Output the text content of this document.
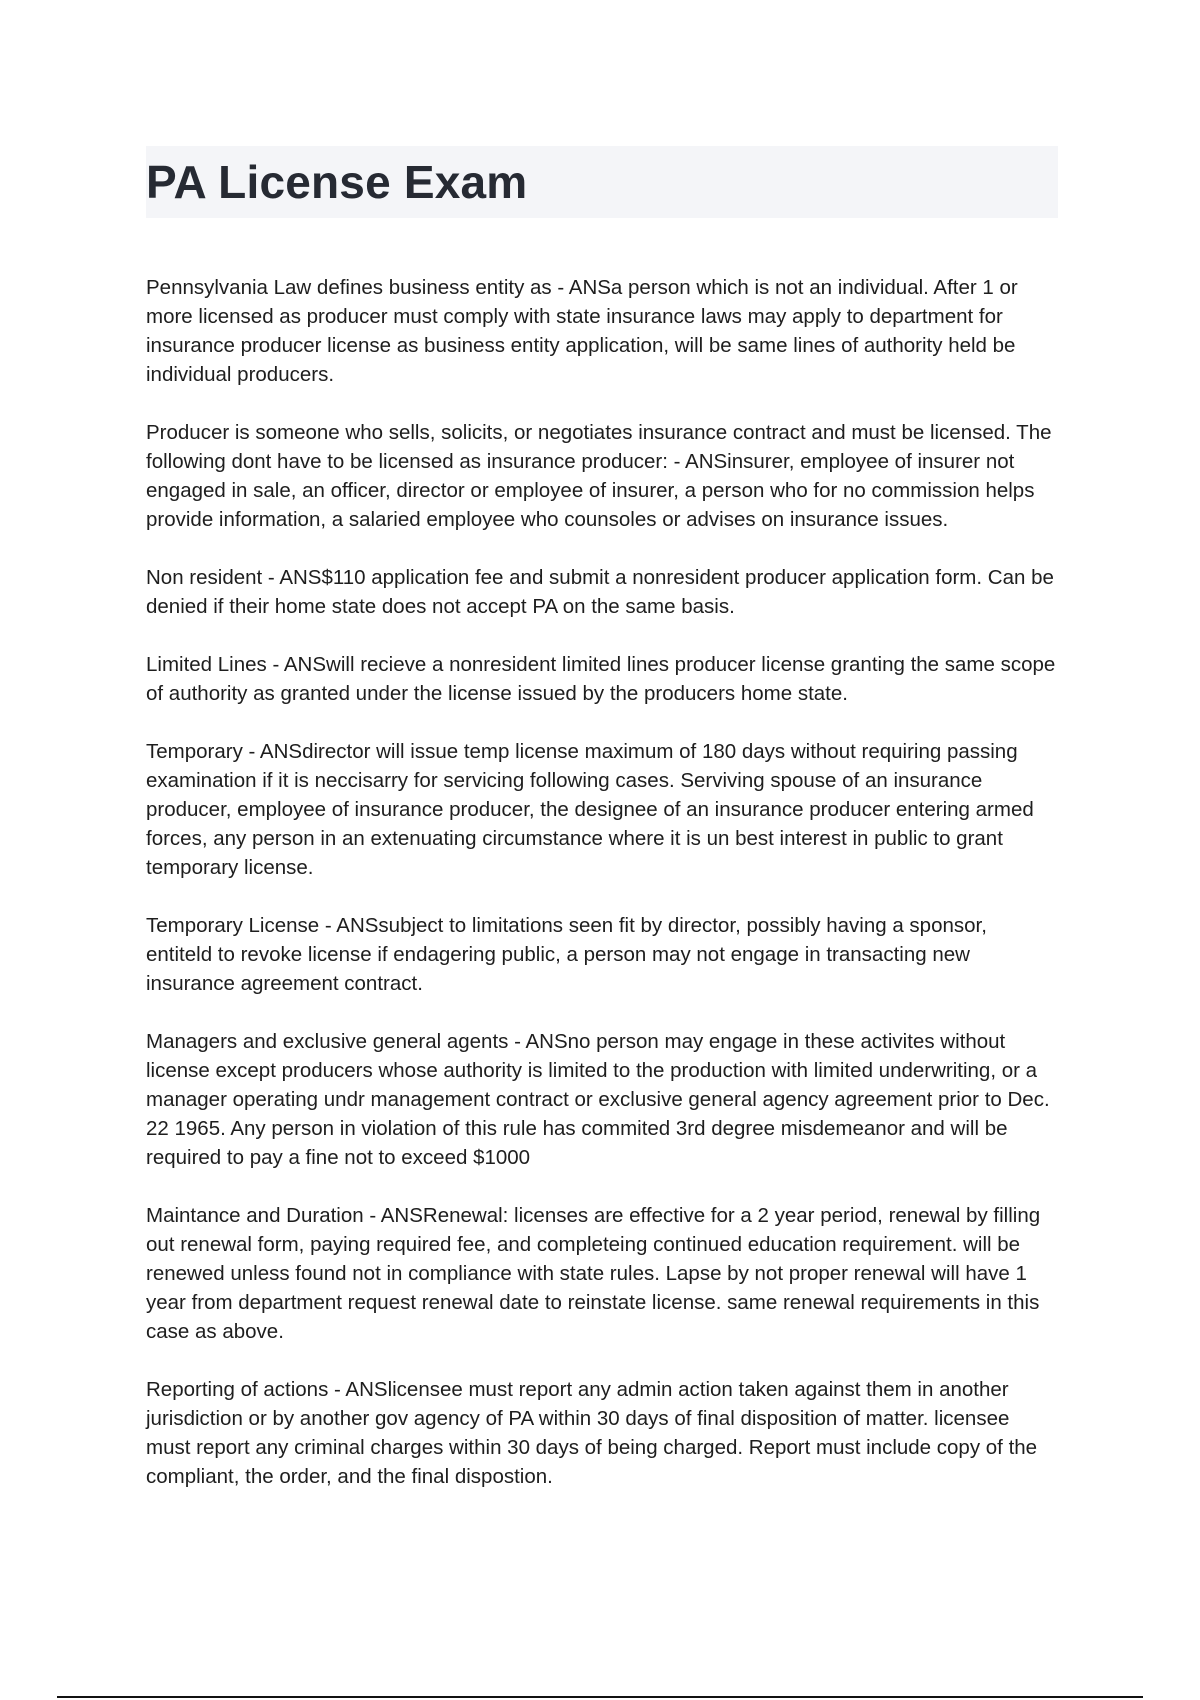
PA License Exam

Pennsylvania Law defines business entity as - ANSa person which is not an individual. After 1 or more licensed as producer must comply with state insurance laws may apply to department for insurance producer license as business entity application, will be same lines of authority held be individual producers.

Producer is someone who sells, solicits, or negotiates insurance contract and must be licensed. The following dont have to be licensed as insurance producer: - ANSinsurer, employee of insurer not engaged in sale, an officer, director or employee of insurer, a person who for no commission helps provide information, a salaried employee who counsoles or advises on insurance issues.

Non resident - ANS$110 application fee and submit a nonresident producer application form. Can be denied if their home state does not accept PA on the same basis.

Limited Lines - ANSwill recieve a nonresident limited lines producer license granting the same scope of authority as granted under the license issued by the producers home state.

Temporary - ANSdirector will issue temp license maximum of 180 days without requiring passing examination if it is neccisarry for servicing following cases. Serviving spouse of an insurance producer, employee of insurance producer, the designee of an insurance producer entering armed forces, any person in an extenuating circumstance where it is un best interest in public to grant temporary license.

Temporary License - ANSsubject to limitations seen fit by director, possibly having a sponsor, entiteld to revoke license if endagering public, a person may not engage in transacting new insurance agreement contract.

Managers and exclusive general agents - ANSno person may engage in these activites without license except producers whose authority is limited to the production with limited underwriting, or a manager operating undr management contract or exclusive general agency agreement prior to Dec. 22 1965. Any person in violation of this rule has commited 3rd degree misdemeanor and will be required to pay a fine not to exceed $1000

Maintance and Duration - ANSRenewal: licenses are effective for a 2 year period, renewal by filling out renewal form, paying required fee, and completeing continued education requirement. will be renewed unless found not in compliance with state rules. Lapse by not proper renewal will have 1 year from department request renewal date to reinstate license. same renewal requirements in this case as above.

Reporting of actions - ANSlicensee must report any admin action taken against them in another jurisdiction or by another gov agency of PA within 30 days of final disposition of matter. licensee must report any criminal charges within 30 days of being charged. Report must include copy of the compliant, the order, and the final dispostion.
